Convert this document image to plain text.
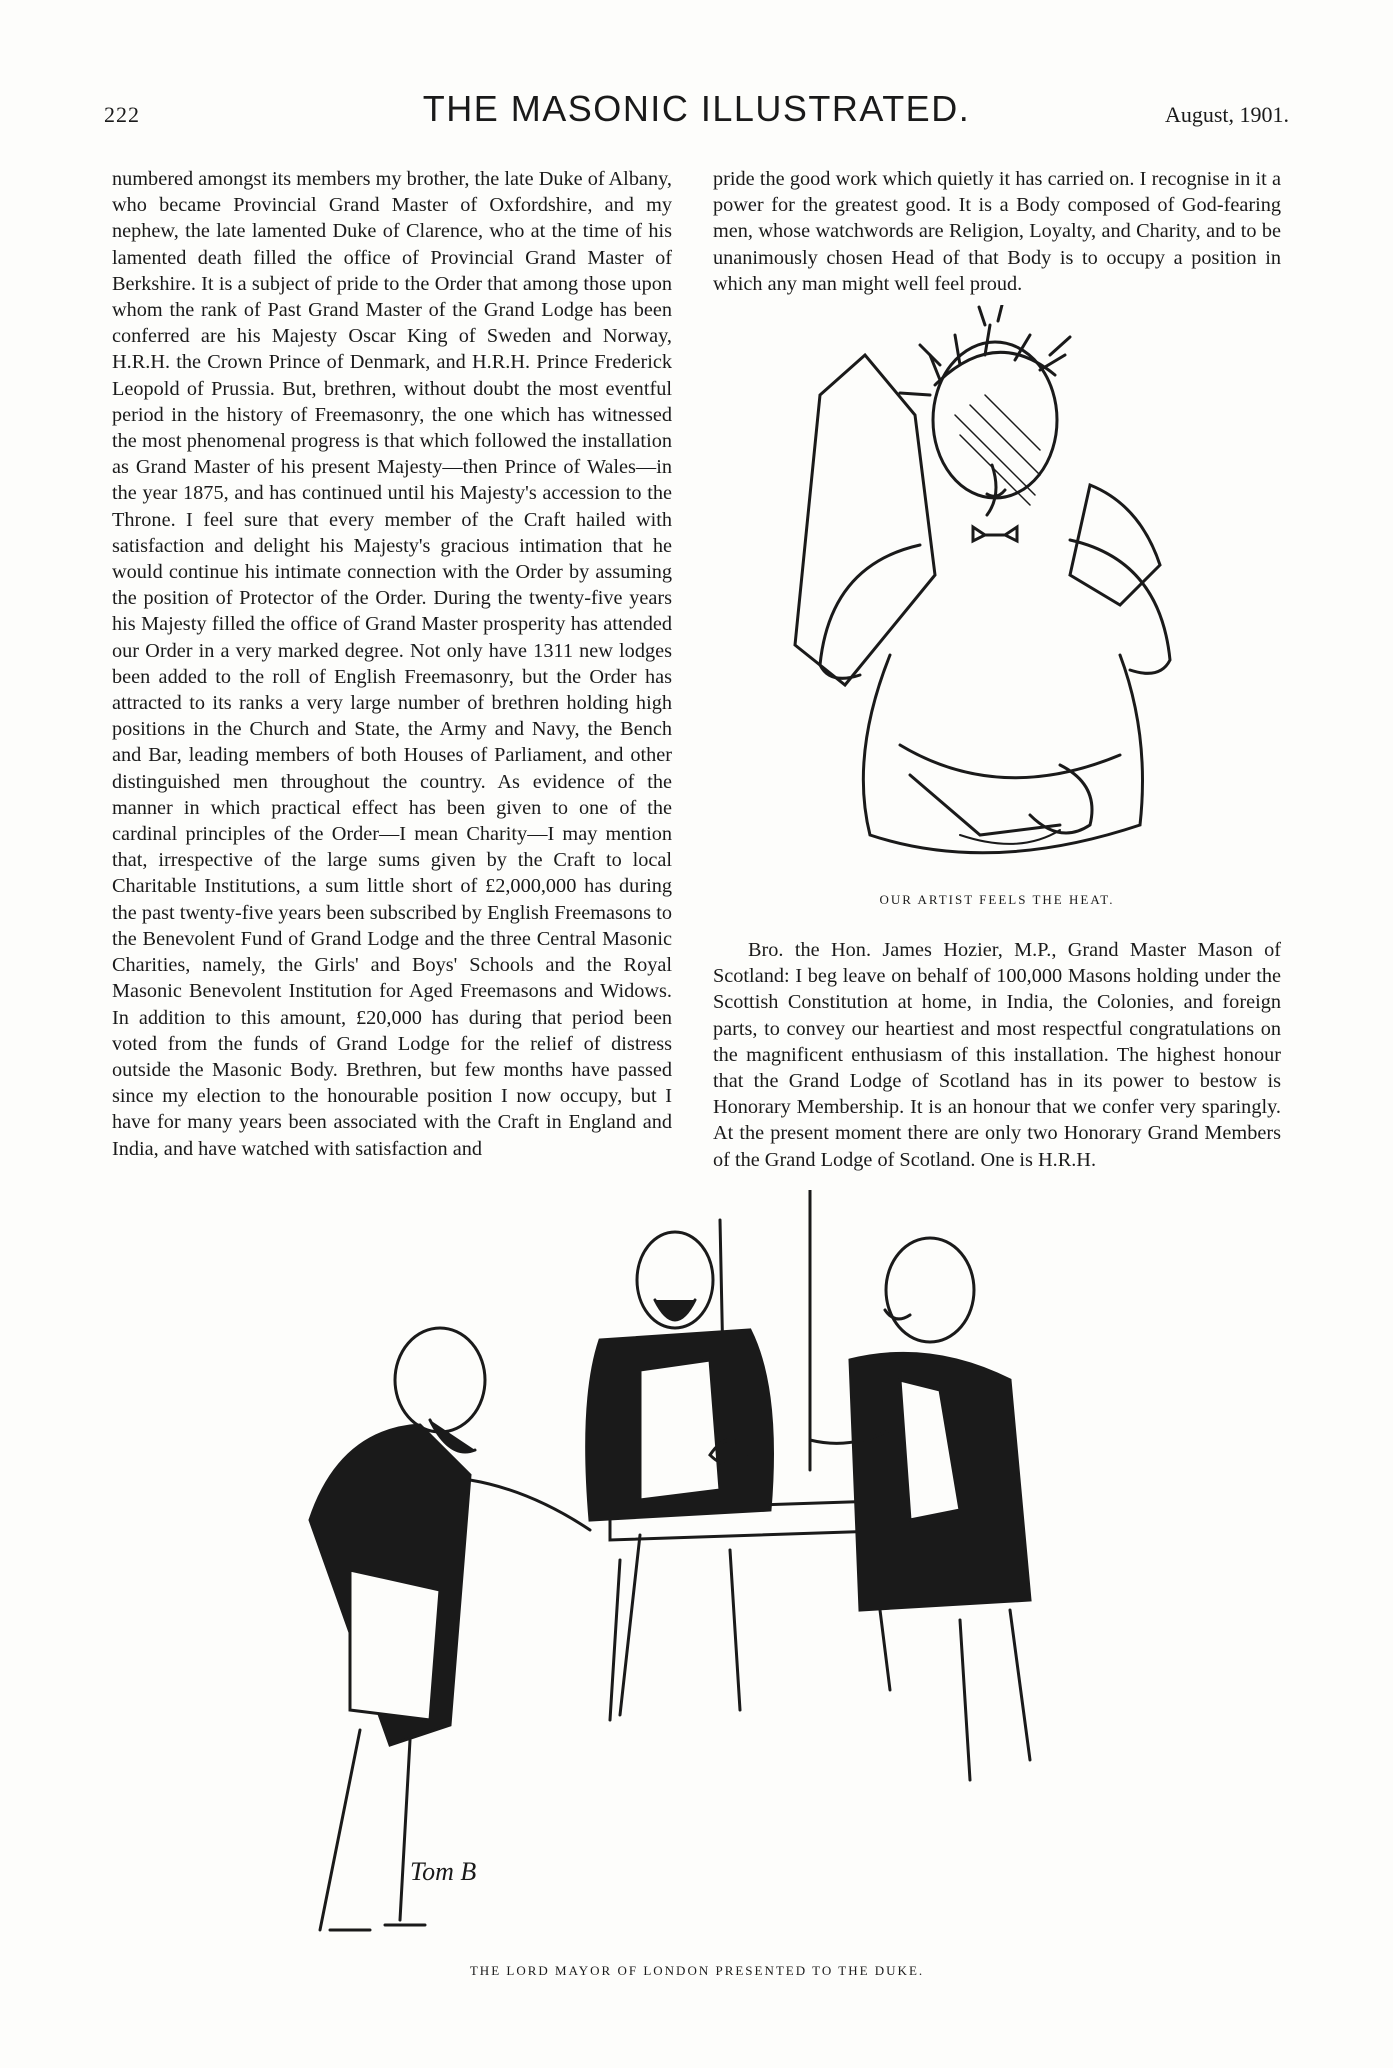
222	THE MASONIC ILLUSTRATED.	August, 1901.
numbered amongst its members my brother, the late Duke of Albany, who became Provincial Grand Master of Oxfordshire, and my nephew, the late lamented Duke of Clarence, who at the time of his lamented death filled the office of Provincial Grand Master of Berkshire. It is a subject of pride to the Order that among those upon whom the rank of Past Grand Master of the Grand Lodge has been conferred are his Majesty Oscar King of Sweden and Norway, H.R.H. the Crown Prince of Denmark, and H.R.H. Prince Frederick Leopold of Prussia. But, brethren, without doubt the most eventful period in the history of Freemasonry, the one which has witnessed the most phenomenal progress is that which followed the installation as Grand Master of his present Majesty—then Prince of Wales—in the year 1875, and has continued until his Majesty's accession to the Throne. I feel sure that every member of the Craft hailed with satisfaction and delight his Majesty's gracious intimation that he would continue his intimate connection with the Order by assuming the position of Protector of the Order. During the twenty-five years his Majesty filled the office of Grand Master prosperity has attended our Order in a very marked degree. Not only have 1311 new lodges been added to the roll of English Freemasonry, but the Order has attracted to its ranks a very large number of brethren holding high positions in the Church and State, the Army and Navy, the Bench and Bar, leading members of both Houses of Parliament, and other distinguished men throughout the country. As evidence of the manner in which practical effect has been given to one of the cardinal principles of the Order—I mean Charity—I may mention that, irrespective of the large sums given by the Craft to local Charitable Institutions, a sum little short of £2,000,000 has during the past twenty-five years been subscribed by English Freemasons to the Benevolent Fund of Grand Lodge and the three Central Masonic Charities, namely, the Girls' and Boys' Schools and the Royal Masonic Benevolent Institution for Aged Freemasons and Widows. In addition to this amount, £20,000 has during that period been voted from the funds of Grand Lodge for the relief of distress outside the Masonic Body. Brethren, but few months have passed since my election to the honourable position I now occupy, but I have for many years been associated with the Craft in England and India, and have watched with satisfaction and
pride the good work which quietly it has carried on. I recognise in it a power for the greatest good. It is a Body composed of God-fearing men, whose watchwords are Religion, Loyalty, and Charity, and to be unanimously chosen Head of that Body is to occupy a position in which any man might well feel proud.
OUR ARTIST FEELS THE HEAT.
Bro. the Hon. James Hozier, M.P., Grand Master Mason of Scotland: I beg leave on behalf of 100,000 Masons holding under the Scottish Constitution at home, in India, the Colonies, and foreign parts, to convey our heartiest and most respectful congratulations on the magnificent enthusiasm of this installation. The highest honour that the Grand Lodge of Scotland has in its power to bestow is Honorary Membership. It is an honour that we confer very sparingly. At the present moment there are only two Honorary Grand Members of the Grand Lodge of Scotland. One is H.R.H.
Tom B
THE LORD MAYOR OF LONDON PRESENTED TO THE DUKE.
